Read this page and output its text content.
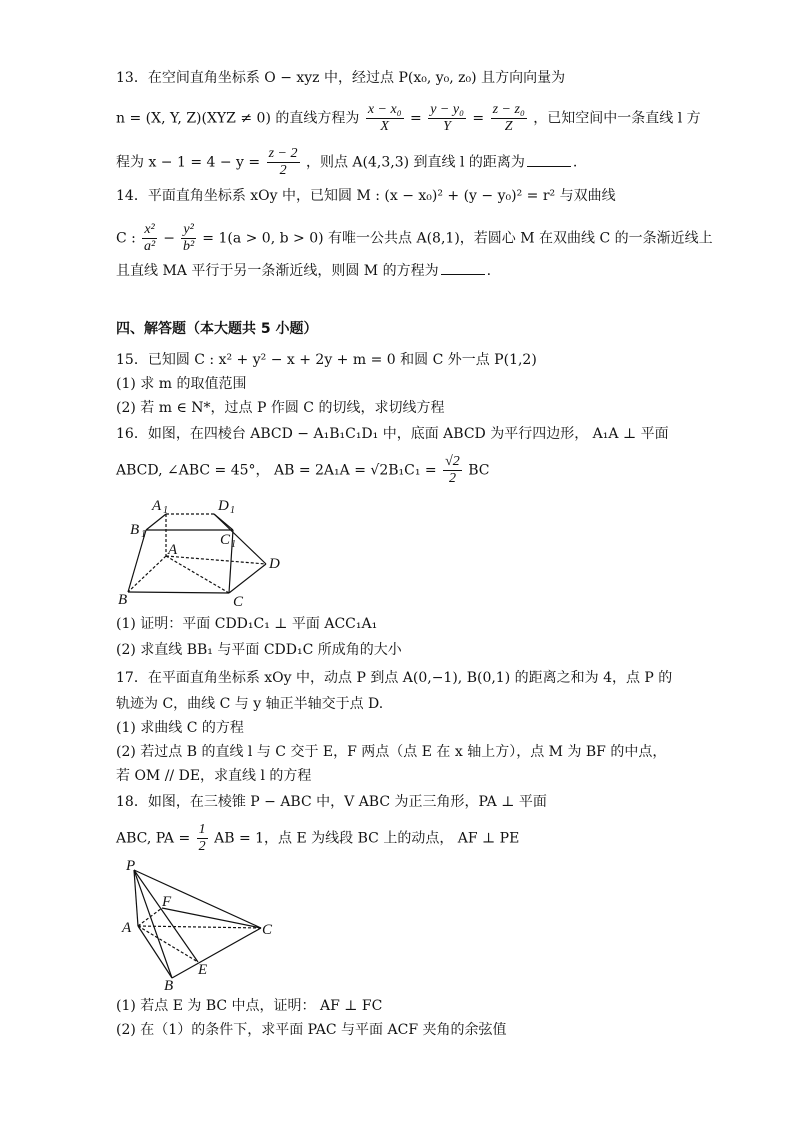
13．在空间直角坐标系 O − xyz 中，经过点 P(x₀, y₀, z₀) 且方向向量为
n = (X, Y, Z)(XYZ ≠ 0) 的直线方程为 $\frac{\text{x − x₀}}{X} = \frac{\text{y − y₀}}{Y} = \frac{\text{z − z₀}}{Z}$ ，已知空间中一条直线 l 方
程为 $x - 1 = 4 - y = \frac{z - 2}{2}$ ，则点 A(4,3,3) 到直线 l 的距离为	.
14．平面直角坐标系 xOy 中，已知圆 M : (x − x₀)² + (y − y₀)² = r² 与双曲线
C : $\frac{\text{x²}}{\text{a²}} - \frac{\text{y²}}{\text{b²}} = 1(a > 0$, b > 0) 有唯一公共点 A(8,1)，若圆心 M 在双曲线 C 的一条渐近线上
且直线 MA 平行于另一条渐近线，则圆 M 的方程为	.
四、解答题（本大题共 5 小题）
15．已知圆 C : x² + y² − x + 2y + m = 0 和圆 C 外一点 P(1,2)
(1) 求 m 的取值范围
(2) 若 m ∈ N*，过点 P 作圆 C 的切线，求切线方程
16．如图，在四棱台 ABCD − A₁B₁C₁D₁ 中，底面 ABCD 为平行四边形， A₁A ⊥ 平面
ABCD, ∠ABC = 45°， AB = $2A_1A = √2B_1C_1 = \frac{√2}{2}$ BC
A 1	D 1
B 1	C 1
A
D
B	C
(1) 证明：平面 CDD₁C₁ ⊥ 平面 ACC₁A₁
(2) 求直线 BB₁ 与平面 CDD₁C 所成角的大小
17．在平面直角坐标系 xOy 中，动点 P 到点 A(0,−1), B(0,1) 的距离之和为 4，点 P 的
轨迹为 C，曲线 C 与 y 轴正半轴交于点 D.
(1) 求曲线 C 的方程
(2) 若过点 B 的直线 l 与 C 交于 E，F 两点（点 E 在 x 轴上方），点 M 为 BF 的中点，
若 OM // DE，求直线 l 的方程
18．如图，在三棱锥 P − ABC 中，V ABC 为正三角形，PA ⊥ 平面
ABC, PA = $\frac{1}{2}$ AB = 1，点 E 为线段 BC 上的动点， AF ⊥ PE
P
F
A	C
E
B
(1) 若点 E 为 BC 中点，证明： AF ⊥ FC
(2) 在（1）的条件下，求平面 PAC 与平面 ACF 夹角的余弦值
